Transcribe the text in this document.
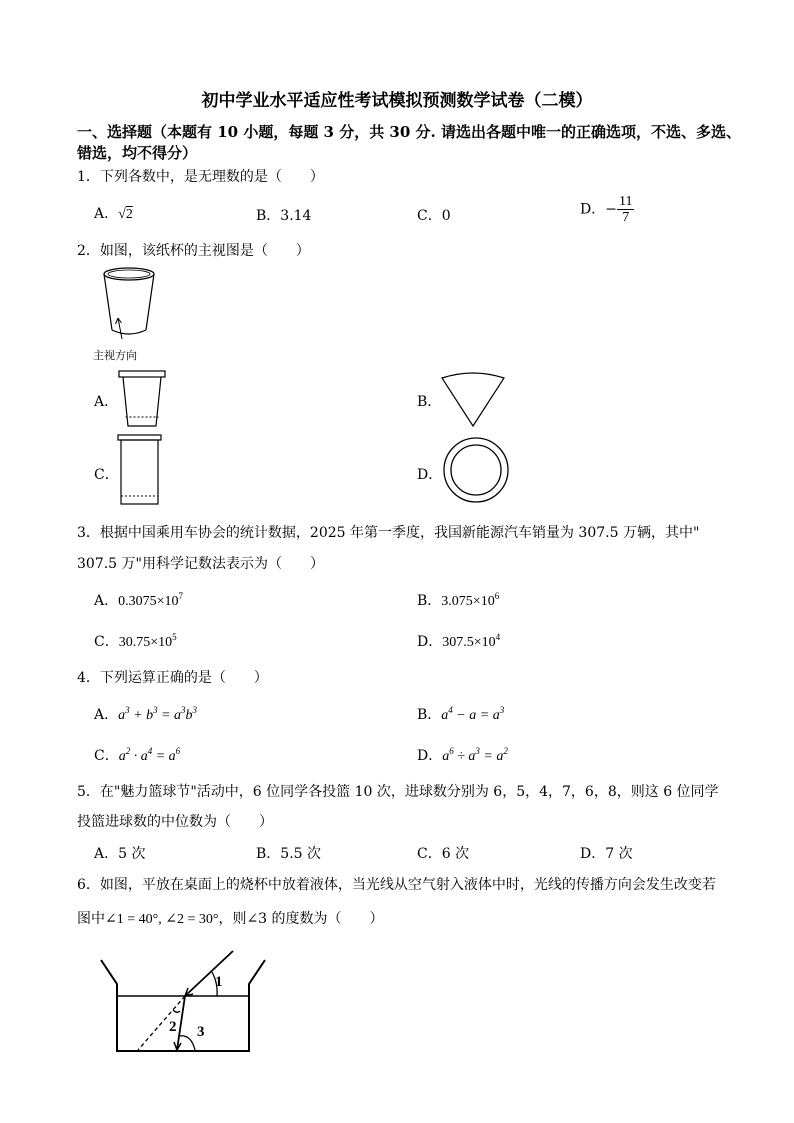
初中学业水平适应性考试模拟预测数学试卷（二模）
一、选择题（本题有 10 小题，每题 3 分，共 30 分. 请选出各题中唯一的正确选项，不选、多选、
错选，均不得分）
1．下列各数中，是无理数的是（　　）
A．√2	B．3.14	C．0	D．− $\frac{11}{7}$
2．如图，该纸杯的主视图是（　　）
主视方向
A．	B．
C．	D．
3．根据中国乘用车协会的统计数据，2025 年第一季度，我国新能源汽车销量为 307.5 万辆，其中"
307.5 万"用科学记数法表示为（　　）
A．$0.3075\times 10^7$	B．$3.075\times 10^6$
C．$30.75\times 10^5$	D．$307.5\times 10^4$
4．下列运算正确的是（　　）
A．$a^3 + b^3 = a^3b^3$	B．$a^4 - a = a^3$
C．$a^2 \cdot a^4 = a^6$	D．$a^6 \div a^3 = a^2$
5．在"魅力篮球节"活动中，6 位同学各投篮 10 次，进球数分别为 6，5，4，7，6，8，则这 6 位同学
投篮进球数的中位数为（　　）
A．5 次	B．5.5 次	C．6 次	D．7 次
6．如图，平放在桌面上的烧杯中放着液体，当光线从空气射入液体中时，光线的传播方向会发生改变若
图中∠1 = 40°, ∠2 = 30°，则∠3 的度数为（　　）
1
2 3
